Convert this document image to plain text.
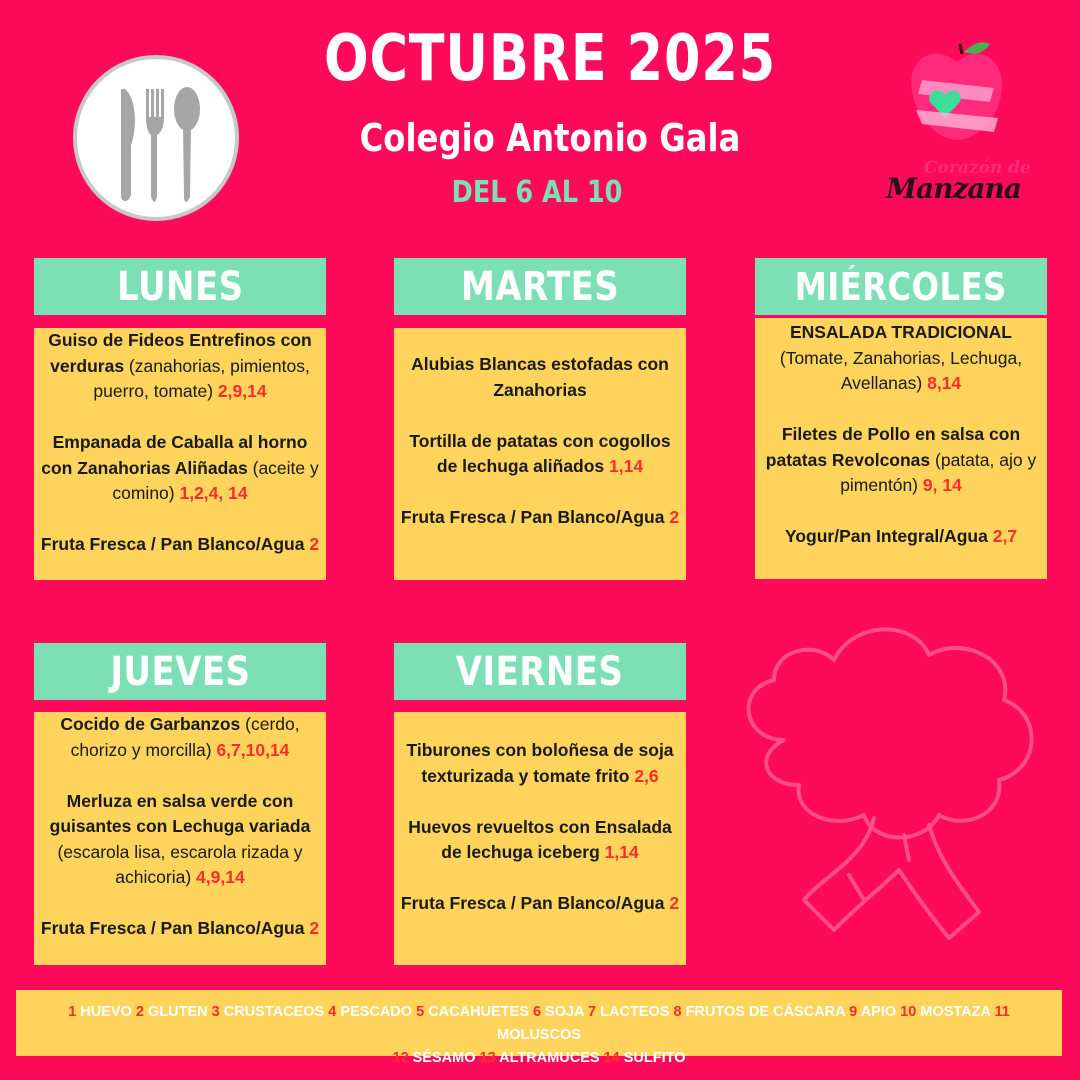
OCTUBRE 2025
Colegio Antonio Gala
DEL 6 AL 10
Corazón de
Manzana
LUNES

Guiso de Fideos Entrefinos con verduras (zanahorias, pimientos, puerro, tomate) 2,9,14

Empanada de Caballa al horno con Zanahorias Aliñadas (aceite y comino) 1,2,4, 14

Fruta Fresca / Pan Blanco/Agua 2

MARTES

Alubias Blancas estofadas con Zanahorias

Tortilla de patatas con cogollos de lechuga aliñados 1,14

Fruta Fresca / Pan Blanco/Agua 2

MIÉRCOLES

ENSALADA TRADICIONAL (Tomate, Zanahorias, Lechuga, Avellanas) 8,14

Filetes de Pollo en salsa con patatas Revolconas (patata, ajo y pimentón) 9, 14

Yogur/Pan Integral/Agua 2,7

JUEVES

Cocido de Garbanzos (cerdo, chorizo y morcilla) 6,7,10,14

Merluza en salsa verde con guisantes con Lechuga variada (escarola lisa, escarola rizada y achicoria) 4,9,14

Fruta Fresca / Pan Blanco/Agua 2

VIERNES

Tiburones con boloñesa de soja texturizada y tomate frito 2,6

Huevos revueltos con Ensalada de lechuga iceberg 1,14

Fruta Fresca / Pan Blanco/Agua 2

1 HUEVO 2 GLUTEN 3 CRUSTACEOS 4 PESCADO 5 CACAHUETES 6 SOJA 7 LACTEOS 8 FRUTOS DE CÁSCARA 9 APIO 10 MOSTAZA 11 MOLUSCOS
12 SÉSAMO 13 ALTRAMUCES 14 SULFITO
